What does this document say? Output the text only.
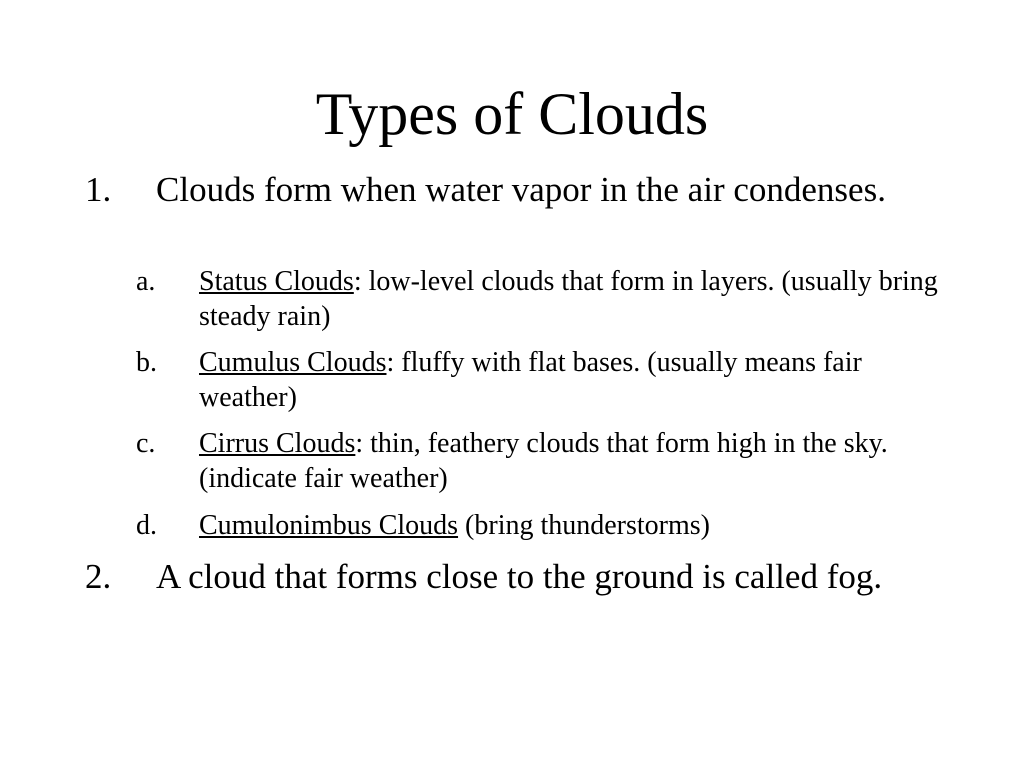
Types of Clouds
1.	Clouds form when water vapor in the air condenses.
a.	Status Clouds: low-level clouds that form in layers. (usually bring steady rain)
b.	Cumulus Clouds: fluffy with flat bases. (usually means fair weather)
c.	Cirrus Clouds: thin, feathery clouds that form high in the sky. (indicate fair weather)
d.	Cumulonimbus Clouds (bring thunderstorms)
2.	A cloud that forms close to the ground is called fog.
